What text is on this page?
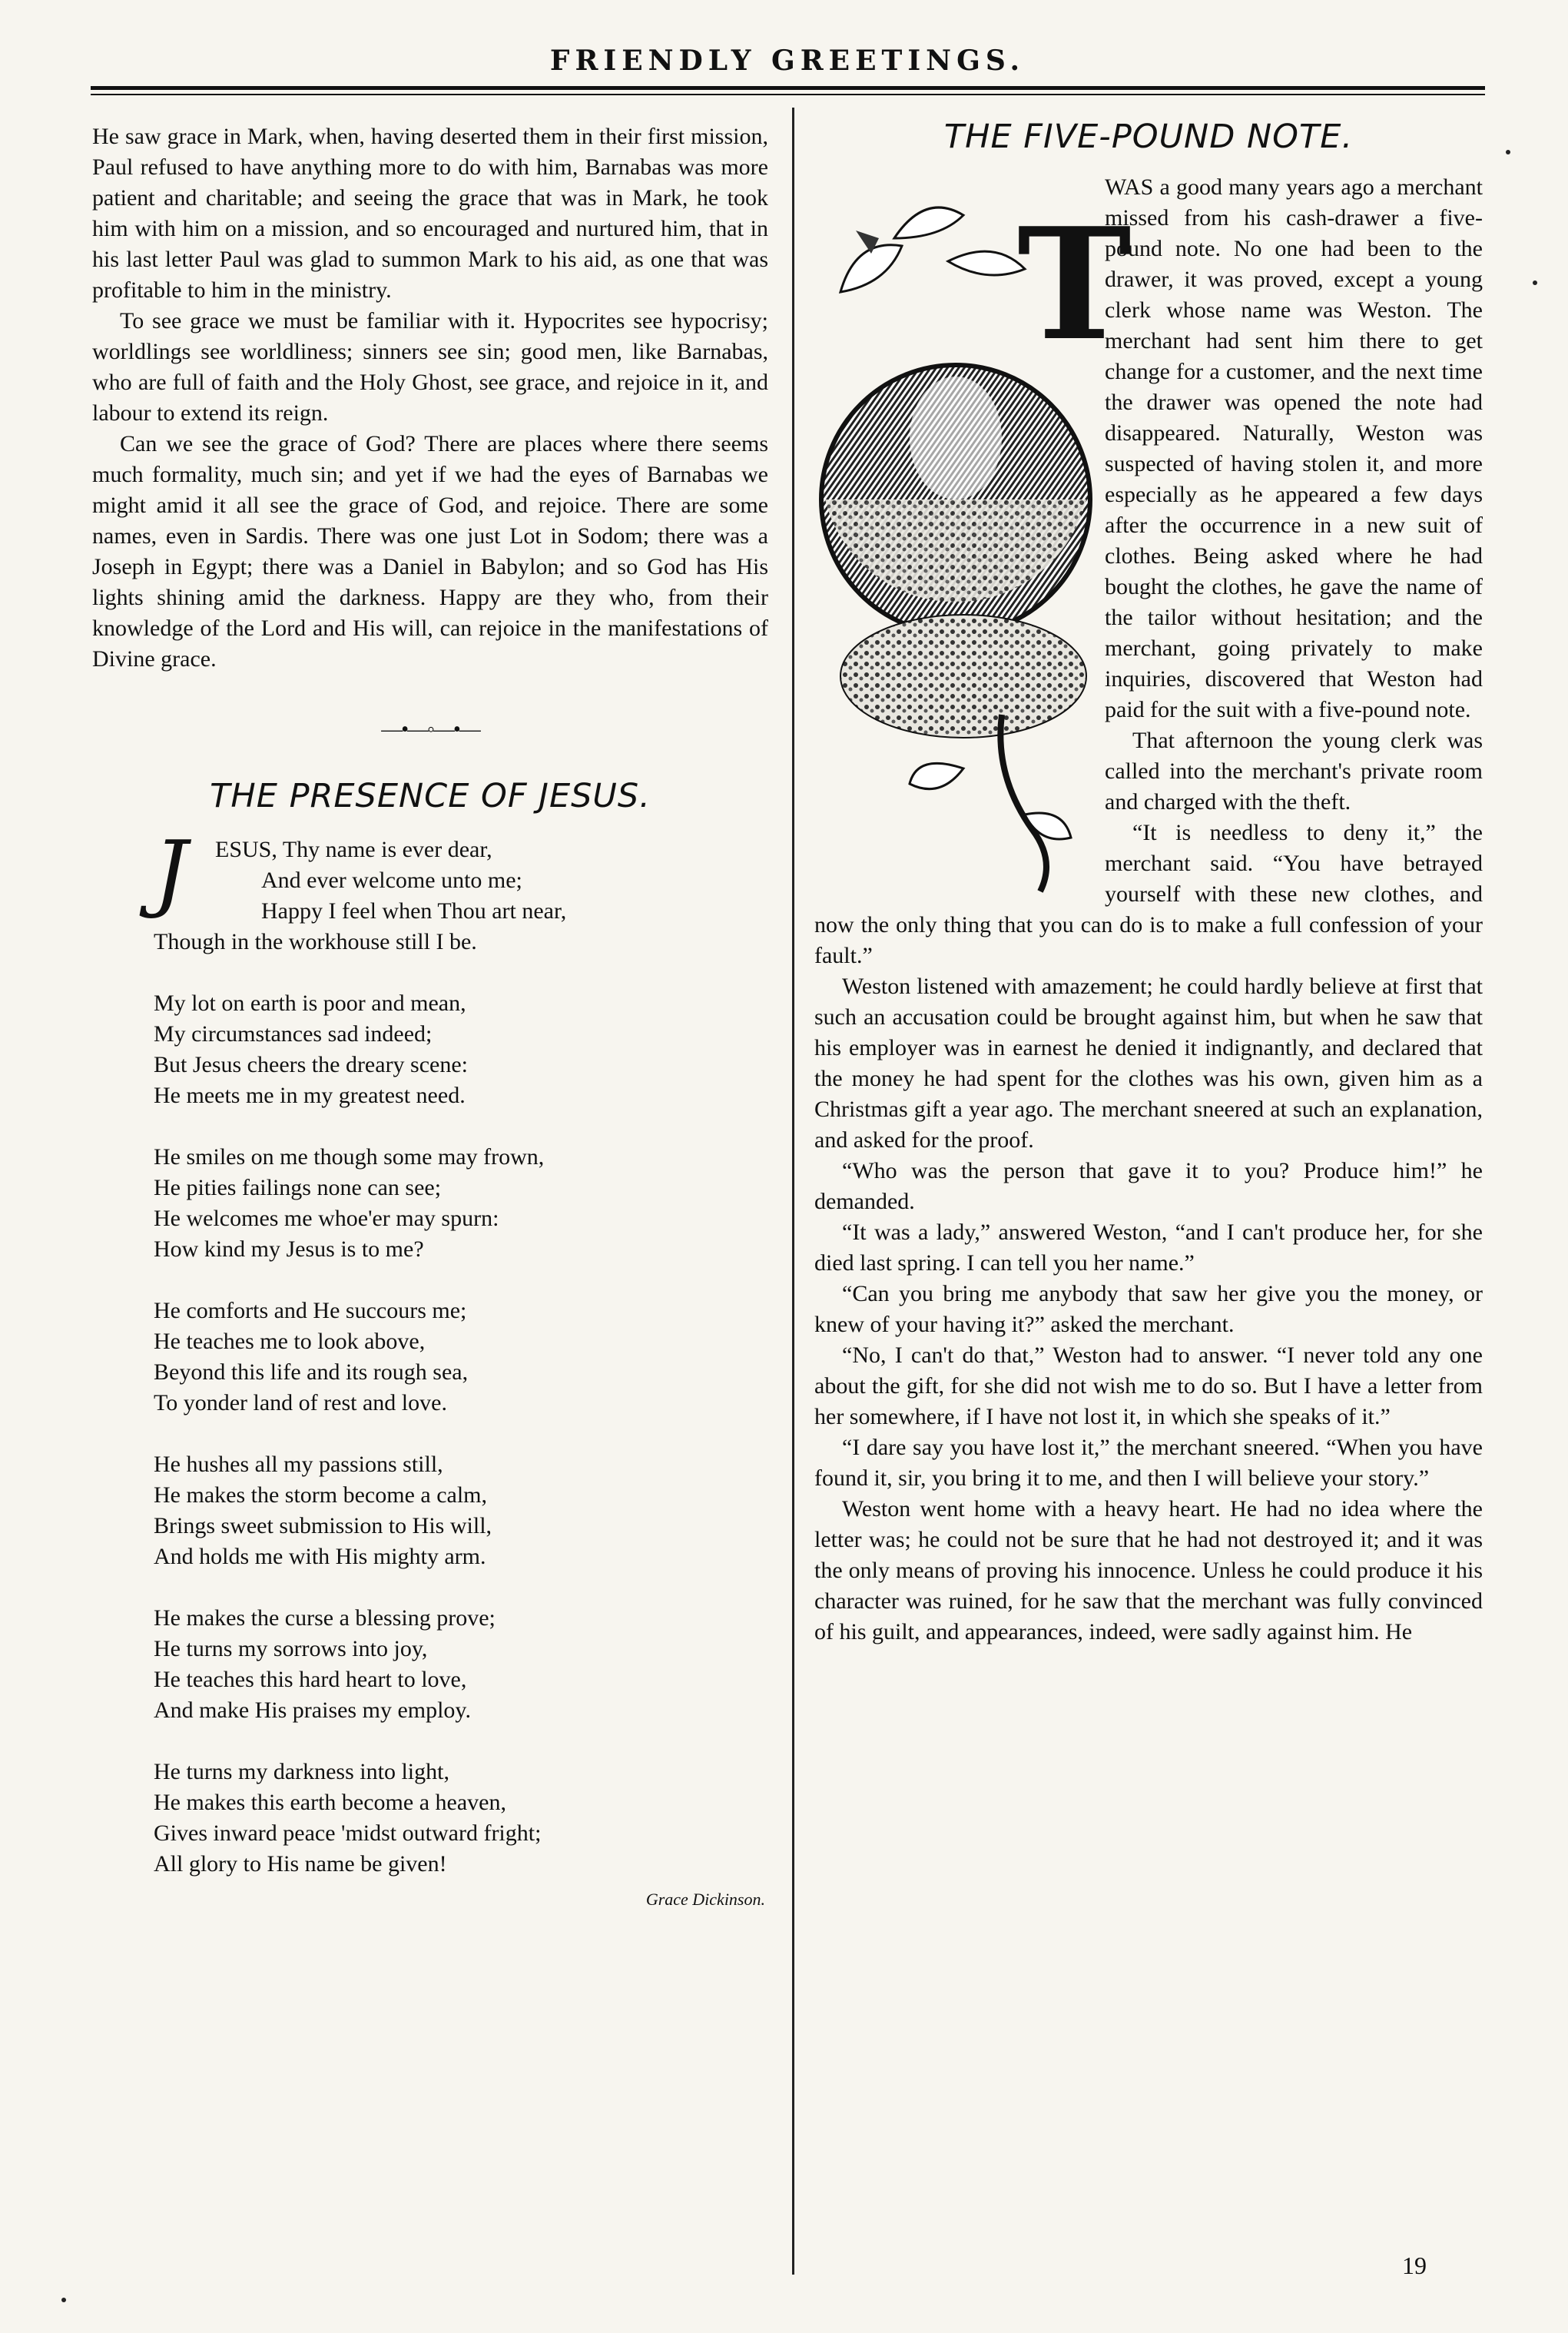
FRIENDLY GREETINGS.

He saw grace in Mark, when, having deserted them in their first mission, Paul refused to have anything more to do with him, Barnabas was more patient and charitable; and seeing the grace that was in Mark, he took him with him on a mission, and so encouraged and nurtured him, that in his last letter Paul was glad to summon Mark to his aid, as one that was profitable to him in the ministry.

To see grace we must be familiar with it. Hypocrites see hypocrisy; worldlings see worldliness; sinners see sin; good men, like Barnabas, who are full of faith and the Holy Ghost, see grace, and rejoice in it, and labour to extend its reign.

Can we see the grace of God? There are places where there seems much formality, much sin; and yet if we had the eyes of Barnabas we might amid it all see the grace of God, and rejoice. There are some names, even in Sardis. There was one just Lot in Sodom; there was a Joseph in Egypt; there was a Daniel in Babylon; and so God has His lights shining amid the darkness. Happy are they who, from their knowledge of the Lord and His will, can rejoice in the manifestations of Divine grace.

—•—◦—•—
THE PRESENCE OF JESUS.
J	ESUS, Thy name is ever dear,
And ever welcome unto me;
Happy I feel when Thou art near,
Though in the workhouse still I be.
My lot on earth is poor and mean,
My circumstances sad indeed;
But Jesus cheers the dreary scene:
He meets me in my greatest need.
He smiles on me though some may frown,
He pities failings none can see;
He welcomes me whoe'er may spurn:
How kind my Jesus is to me?
He comforts and He succours me;
He teaches me to look above,
Beyond this life and its rough sea,
To yonder land of rest and love.
He hushes all my passions still,
He makes the storm become a calm,
Brings sweet submission to His will,
And holds me with His mighty arm.
He makes the curse a blessing prove;
He turns my sorrows into joy,
He teaches this hard heart to love,
And make His praises my employ.
He turns my darkness into light,
He makes this earth become a heaven,
Gives inward peace 'midst outward fright;
All glory to His name be given!
Grace Dickinson.
THE FIVE-POUND NOTE.
T

WAS a good many years ago a merchant missed from his cash-drawer a five-pound note. No one had been to the drawer, it was proved, except a young clerk whose name was Weston. The merchant had sent him there to get change for a customer, and the next time the drawer was opened the note had disappeared. Naturally, Weston was suspected of having stolen it, and more especially as he appeared a few days after the occurrence in a new suit of clothes. Being asked where he had bought the clothes, he gave the name of the tailor without hesitation; and the merchant, going privately to make inquiries, discovered that Weston had paid for the suit with a five-pound note.

That afternoon the young clerk was called into the merchant's private room and charged with the theft.

“It is needless to deny it,” the merchant said. “You have betrayed yourself with these new clothes, and now the only thing that you can do is to make a full confession of your fault.”

Weston listened with amazement; he could hardly believe at first that such an accusation could be brought against him, but when he saw that his employer was in earnest he denied it indignantly, and declared that the money he had spent for the clothes was his own, given him as a Christmas gift a year ago. The merchant sneered at such an explanation, and asked for the proof.

“Who was the person that gave it to you? Produce him!” he demanded.

“It was a lady,” answered Weston, “and I can't produce her, for she died last spring. I can tell you her name.”

“Can you bring me anybody that saw her give you the money, or knew of your having it?” asked the merchant.

“No, I can't do that,” Weston had to answer. “I never told any one about the gift, for she did not wish me to do so. But I have a letter from her somewhere, if I have not lost it, in which she speaks of it.”

“I dare say you have lost it,” the merchant sneered. “When you have found it, sir, you bring it to me, and then I will believe your story.”

Weston went home with a heavy heart. He had no idea where the letter was; he could not be sure that he had not destroyed it; and it was the only means of proving his innocence. Unless he could produce it his character was ruined, for he saw that the merchant was fully convinced of his guilt, and appearances, indeed, were sadly against him. He

19
